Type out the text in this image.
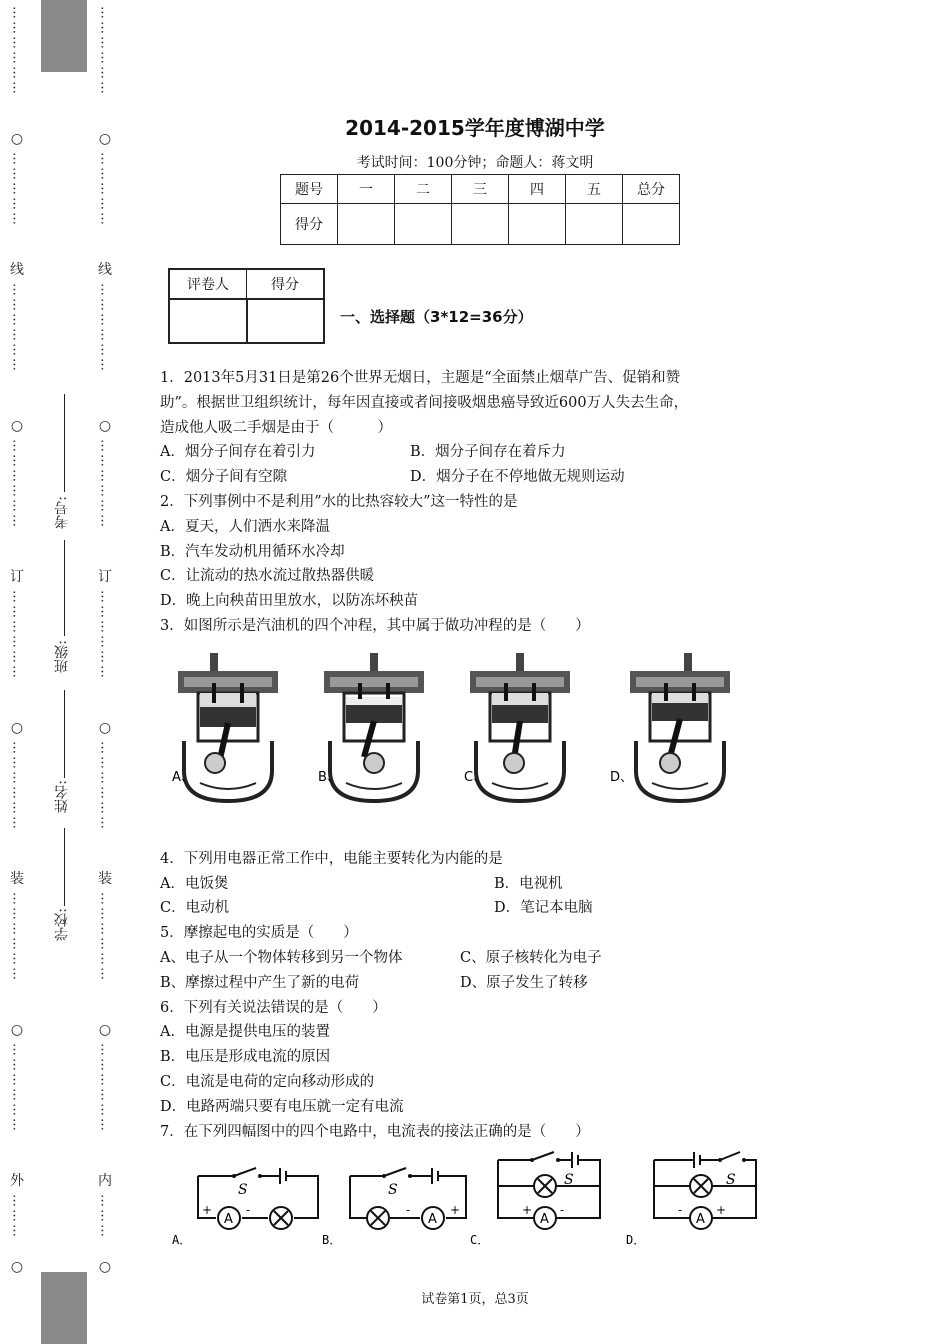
………………
○
……………
线
………………
○
………………
订
………………
○
………………
装
………………
○
………………
外
………
○
………………
○
……………
线
………………
○
………………
订
………………
○
………………
装
………………
○
………………
内
………
○
学校:
姓名:
班级:
考号:
2014-2015学年度博湖中学
考试时间：100分钟；命题人：蒋文明
题号	一	二	三	四	五	总分
得分						
评卷人	得分

一、选择题（3*12=36分）

1．2013年5月31日是第26个世界无烟日，主题是“全面禁止烟草广告、促销和赞

助”。根据世卫组织统计，每年因直接或者间接吸烟患癌导致近600万人失去生命，

造成他人吸二手烟是由于（　　　）

A．烟分子间存在着引力	B．烟分子间存在着斥力
C．烟分子间有空隙	D．烟分子在不停地做无规则运动

2．下列事例中不是利用”水的比热容较大”这一特性的是

A．夏天，人们洒水来降温

B．汽车发动机用循环水冷却

C．让流动的热水流过散热器供暖

D．晚上向秧苗田里放水，以防冻坏秧苗

3．如图所示是汽油机的四个冲程，其中属于做功冲程的是（　　）

A、	B、	C、	D、

4．下列用电器正常工作中，电能主要转化为内能的是

A．电饭煲	B．电视机
C．电动机	D．笔记本电脑

5．摩擦起电的实质是（　　）

A、电子从一个物体转移到另一个物体	C、原子核转化为电子
B、摩擦过程中产生了新的电荷	D、原子发生了转移

6．下列有关说法错误的是（　　）

A．电源是提供电压的装置

B．电压是形成电流的原因

C．电流是电荷的定向移动形成的

D．电路两端只要有电压就一定有电流

7．在下列四幅图中的四个电路中，电流表的接法正确的是（　　）

S
A
+	-
A．
S
A
-	+
B．
S
A
+ -
C．
S
A
-	+
D．
试卷第1页，总3页
